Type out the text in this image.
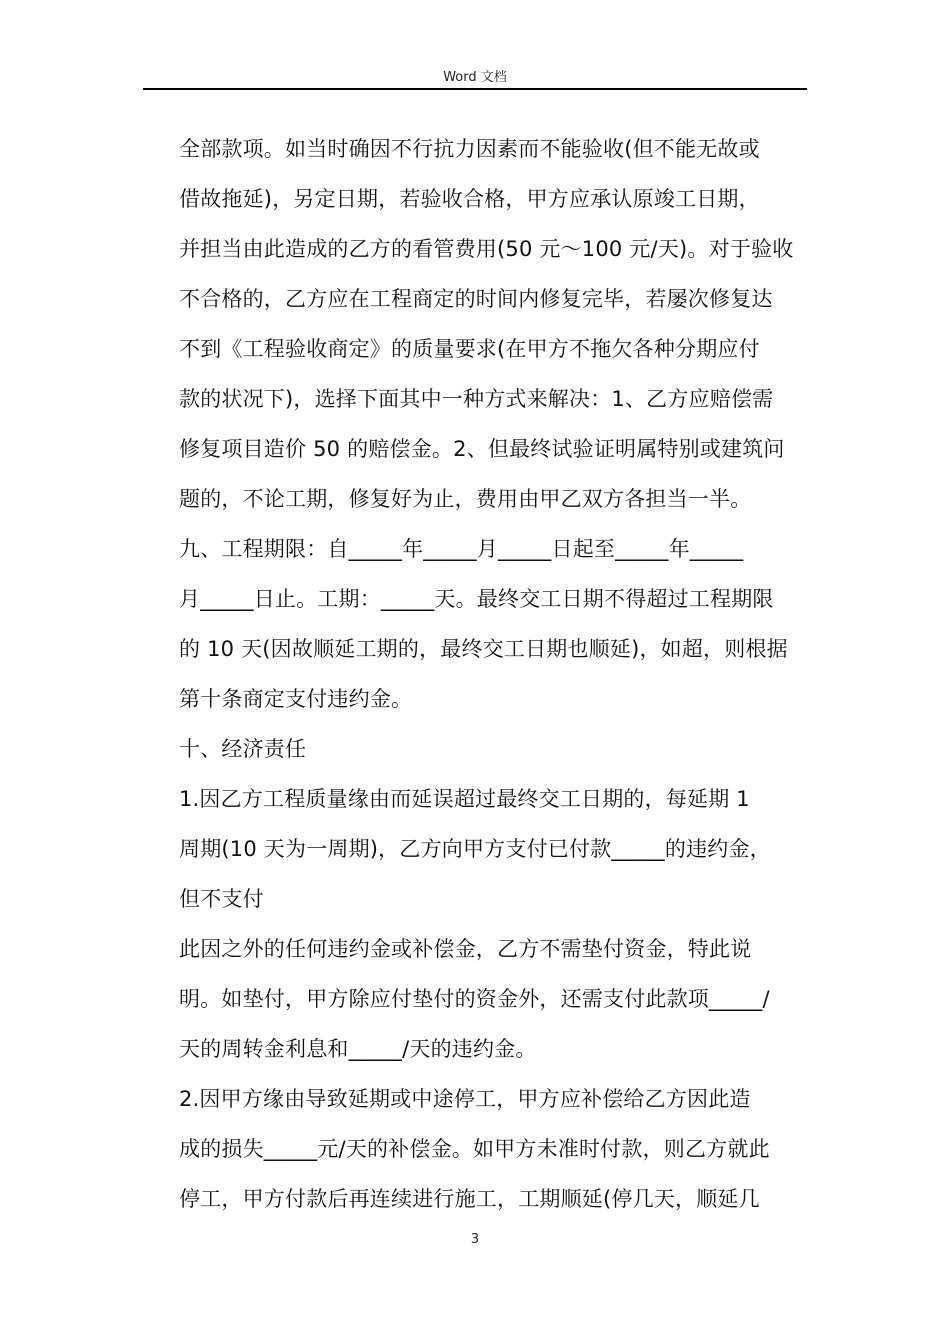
Word 文档
全部款项。如当时确因不行抗力因素而不能验收(但不能无故或
借故拖延)，另定日期，若验收合格，甲方应承认原竣工日期，
并担当由此造成的乙方的看管费用(50 元～100 元/天)。对于验收
不合格的，乙方应在工程商定的时间内修复完毕，若屡次修复达
不到《工程验收商定》的质量要求(在甲方不拖欠各种分期应付
款的状况下)，选择下面其中一种方式来解决：1、乙方应赔偿需
修复项目造价 50 的赔偿金。2、但最终试验证明属特别或建筑问
题的，不论工期，修复好为止，费用由甲乙双方各担当一半。
九、工程期限：自_____年_____月_____日起至_____年_____
月_____日止。工期：_____天。最终交工日期不得超过工程期限
的 10 天(因故顺延工期的，最终交工日期也顺延)，如超，则根据
第十条商定支付违约金。
十、经济责任
1.因乙方工程质量缘由而延误超过最终交工日期的，每延期 1
周期(10 天为一周期)，乙方向甲方支付已付款_____的违约金，
但不支付
此因之外的任何违约金或补偿金，乙方不需垫付资金，特此说
明。如垫付，甲方除应付垫付的资金外，还需支付此款项_____/
天的周转金利息和_____/天的违约金。
2.因甲方缘由导致延期或中途停工，甲方应补偿给乙方因此造
成的损失_____元/天的补偿金。如甲方未准时付款，则乙方就此
停工，甲方付款后再连续进行施工，工期顺延(停几天，顺延几
3
